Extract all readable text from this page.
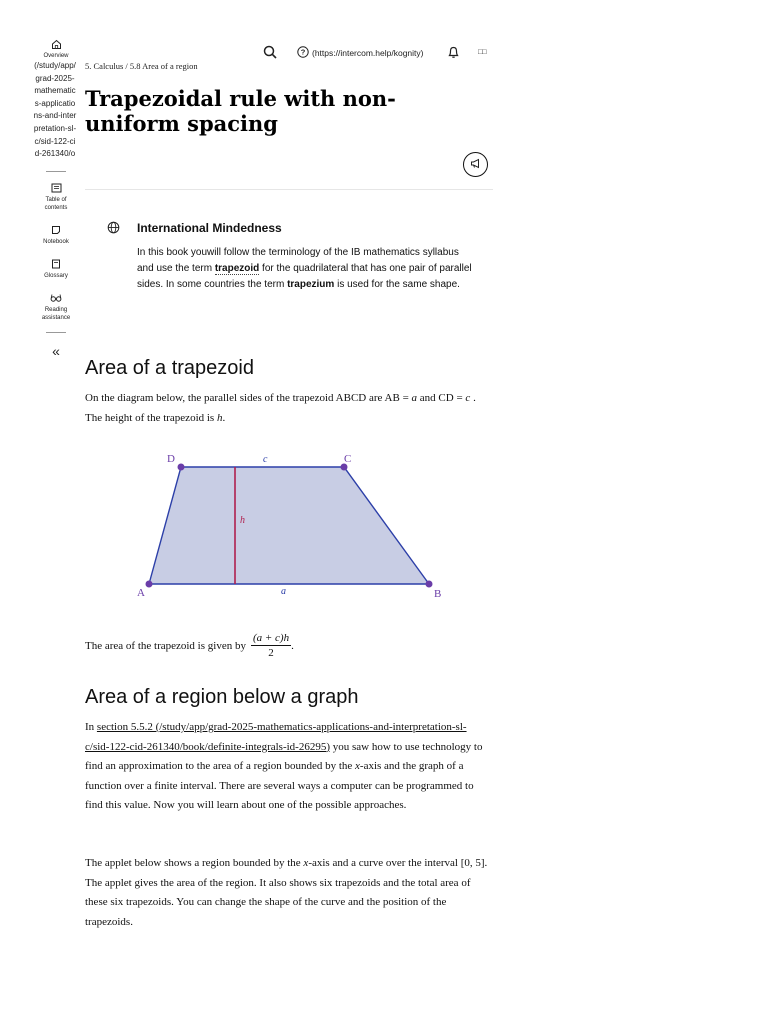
Overview
(/study/app/grad-2025-mathematics-applications-and-interpretation-sl-c/sid-122-cid-261340/o
Table of contents
Notebook
Glossary
Reading assistance
«
? (https://intercom.help/kognity)	□□
5. Calculus / 5.8 Area of a region
Trapezoidal rule with non-uniform spacing
International Mindedness

In this book youwill follow the terminology of the IB mathematics syllabus and use the term trapezoid for the quadrilateral that has one pair of parallel sides. In some countries the term trapezium is used for the same shape.

Area of a trapezoid

On the diagram below, the parallel sides of the trapezoid ABCD are AB = a and CD = c . The height of the trapezoid is h.

A	B
C
D
a
c
h
The area of the trapezoid is given by $\frac{(a + c)h}{2}$ .
Area of a region below a graph

In section 5.5.2 (/study/app/grad-2025-mathematics-applications-and-interpretation-sl-c/sid-122-cid-261340/book/definite-integrals-id-26295) you saw how to use technology to find an approximation to the area of a region bounded by the x-axis and the graph of a function over a finite interval. There are several ways a computer can be programmed to find this value. Now you will learn about one of the possible approaches.

The applet below shows a region bounded by the x-axis and a curve over the interval [0, 5]. The applet gives the area of the region. It also shows six trapezoids and the total area of these six trapezoids. You can change the shape of the curve and the position of the trapezoids.
